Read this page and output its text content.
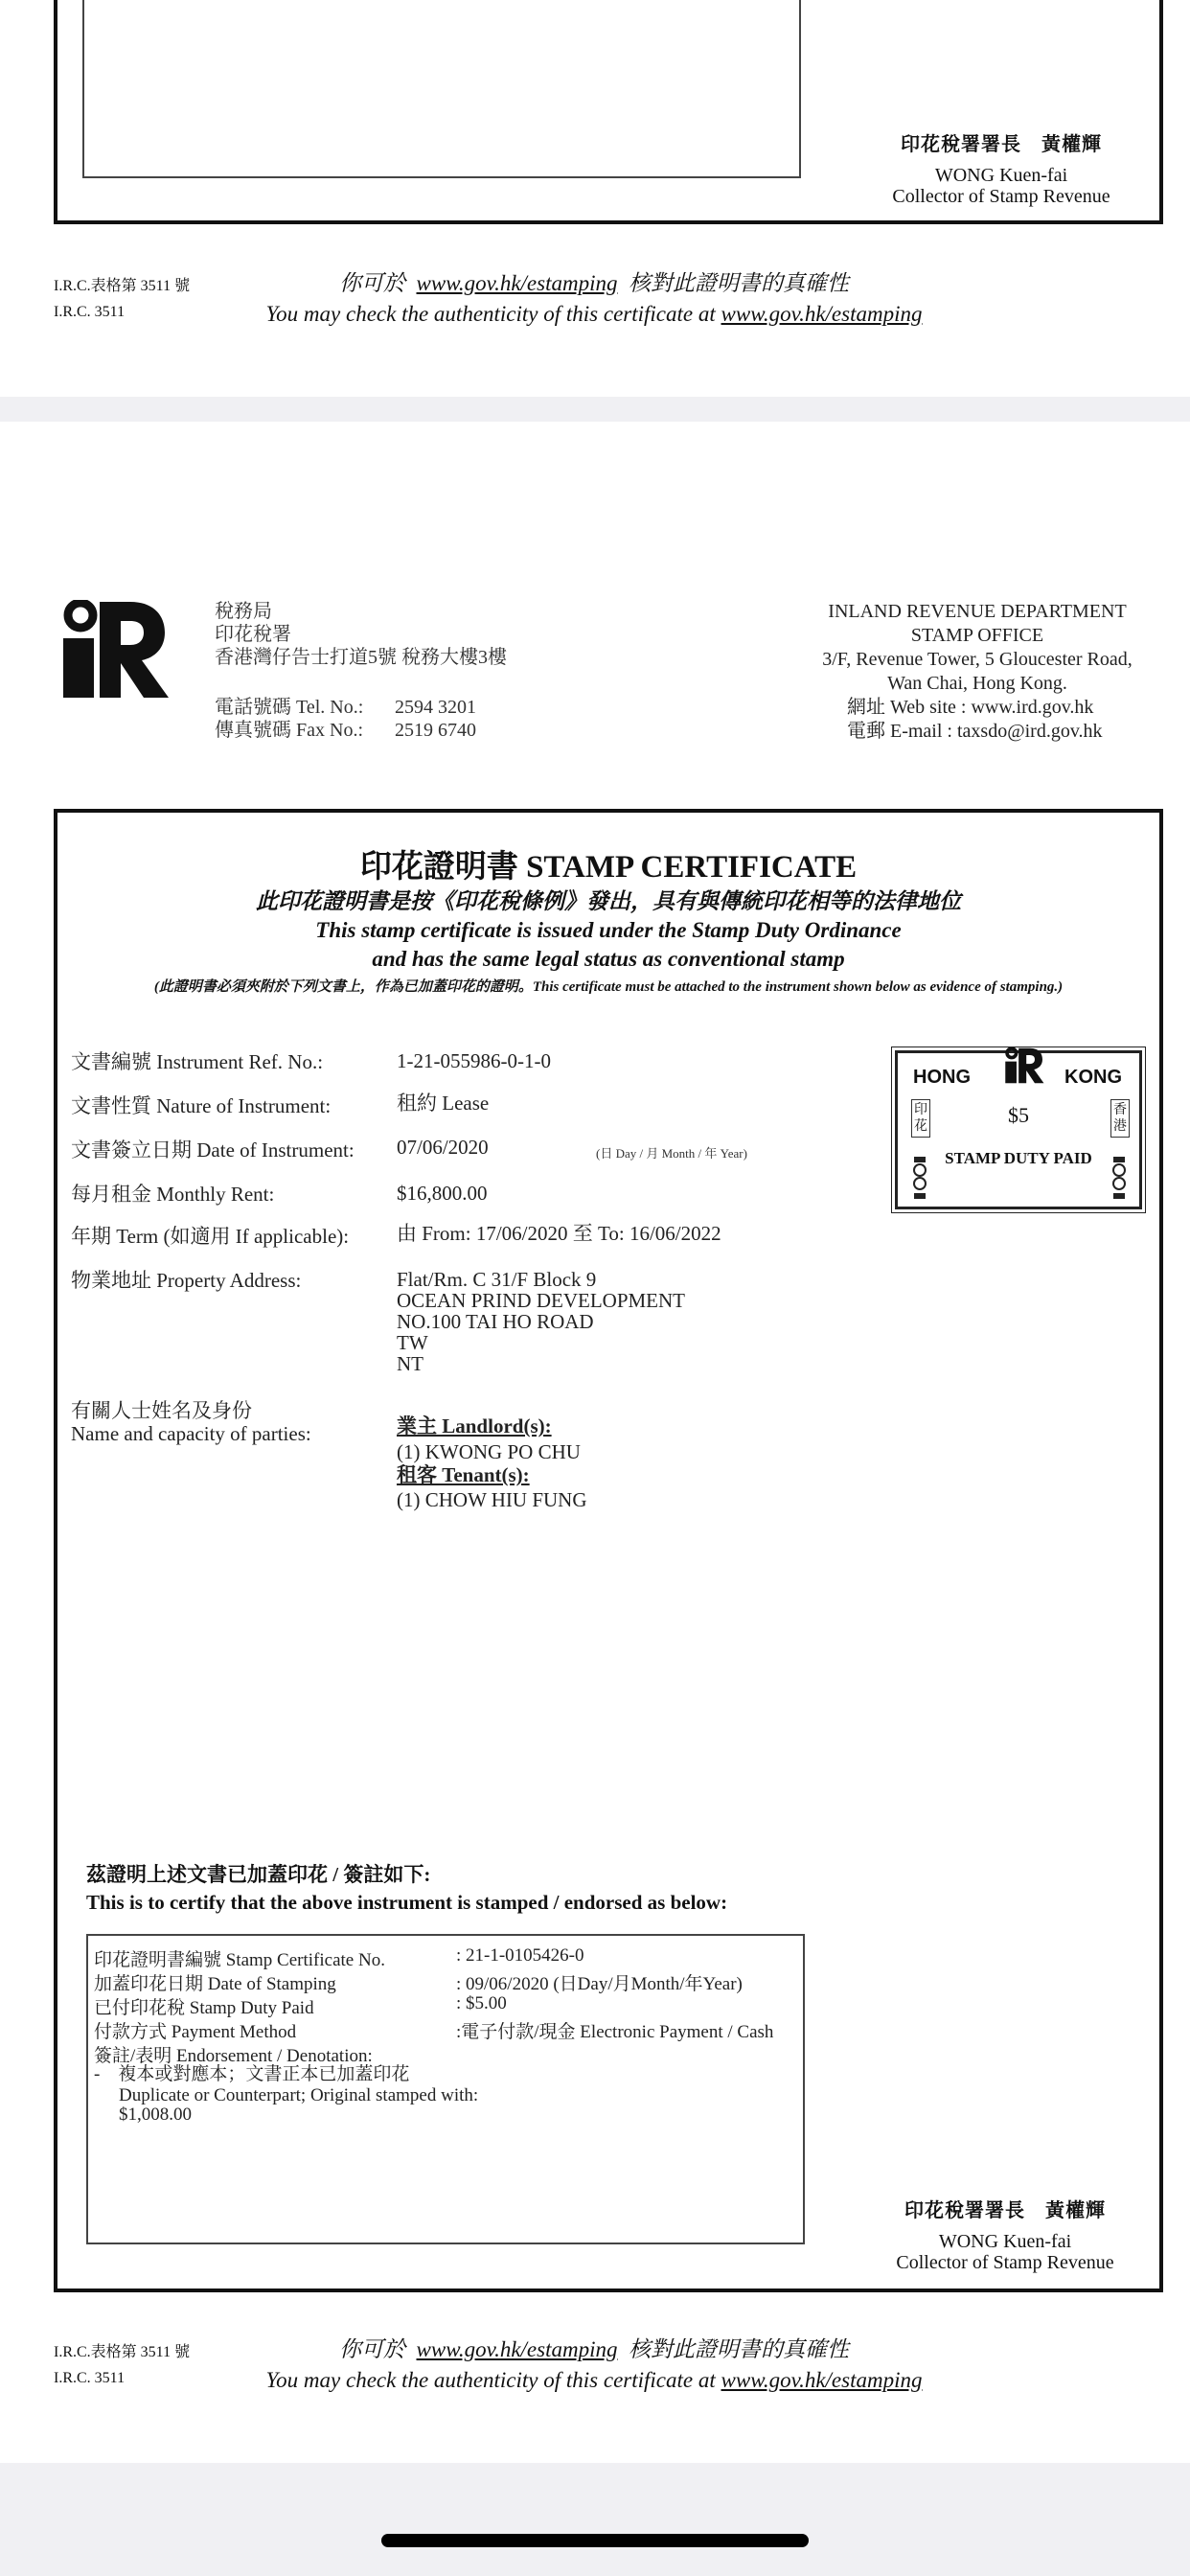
印花稅署署長　黃權輝
WONG Kuen-fai
Collector of Stamp Revenue
I.R.C.表格第 3511 號
I.R.C. 3511
你可於 www.gov.hk/estamping 核對此證明書的真確性
You may check the authenticity of this certificate at www.gov.hk/estamping
稅務局
印花稅署
香港灣仔告士打道5號 稅務大樓3樓
電話號碼 Tel. No.:	2594 3201
傳真號碼 Fax No.:	2519 6740
INLAND REVENUE DEPARTMENT
STAMP OFFICE
3/F, Revenue Tower, 5 Gloucester Road,
Wan Chai, Hong Kong.
網址 Web site : www.ird.gov.hk
電郵 E-mail : taxsdo@ird.gov.hk
印花證明書 STAMP CERTIFICATE
此印花證明書是按《印花稅條例》發出，具有與傳統印花相等的法律地位
This stamp certificate is issued under the Stamp Duty Ordinance
and has the same legal status as conventional stamp
(此證明書必須夾附於下列文書上，作為已加蓋印花的證明。This certificate must be attached to the instrument shown below as evidence of stamping.)
文書編號 Instrument Ref. No.:	1-21-055986-0-1-0
文書性質 Nature of Instrument:	租約 Lease
文書簽立日期 Date of Instrument: 07/06/2020	(日 Day / 月 Month / 年 Year)
每月租金 Monthly Rent:	$16,800.00
年期 Term (如適用 If applicable): 由 From: 17/06/2020 至 To: 16/06/2022
物業地址 Property Address:	Flat/Rm. C 31/F Block 9
OCEAN PRIND DEVELOPMENT
NO.100 TAI HO ROAD
TW
NT
有關人士姓名及身份
Name and capacity of parties:	業主 Landlord(s):
(1) KWONG PO CHU
租客 Tenant(s):
(1) CHOW HIU FUNG
HONG	KONG
印花
香港
$5
STAMP DUTY PAID
茲證明上述文書已加蓋印花 / 簽註如下:
This is to certify that the above instrument is stamped / endorsed as below:
印花證明書編號 Stamp Certificate No.	: 21-1-0105426-0
加蓋印花日期 Date of Stamping	: 09/06/2020 (日Day/月Month/年Year)
已付印花稅 Stamp Duty Paid	: $5.00
付款方式 Payment Method	:電子付款/現金 Electronic Payment / Cash
簽註/表明 Endorsement / Denotation:
-    複本或對應本；文書正本已加蓋印花
Duplicate or Counterpart; Original stamped with:
$1,008.00
印花稅署署長　黃權輝
WONG Kuen-fai
Collector of Stamp Revenue
I.R.C.表格第 3511 號
I.R.C. 3511
你可於 www.gov.hk/estamping 核對此證明書的真確性
You may check the authenticity of this certificate at www.gov.hk/estamping
